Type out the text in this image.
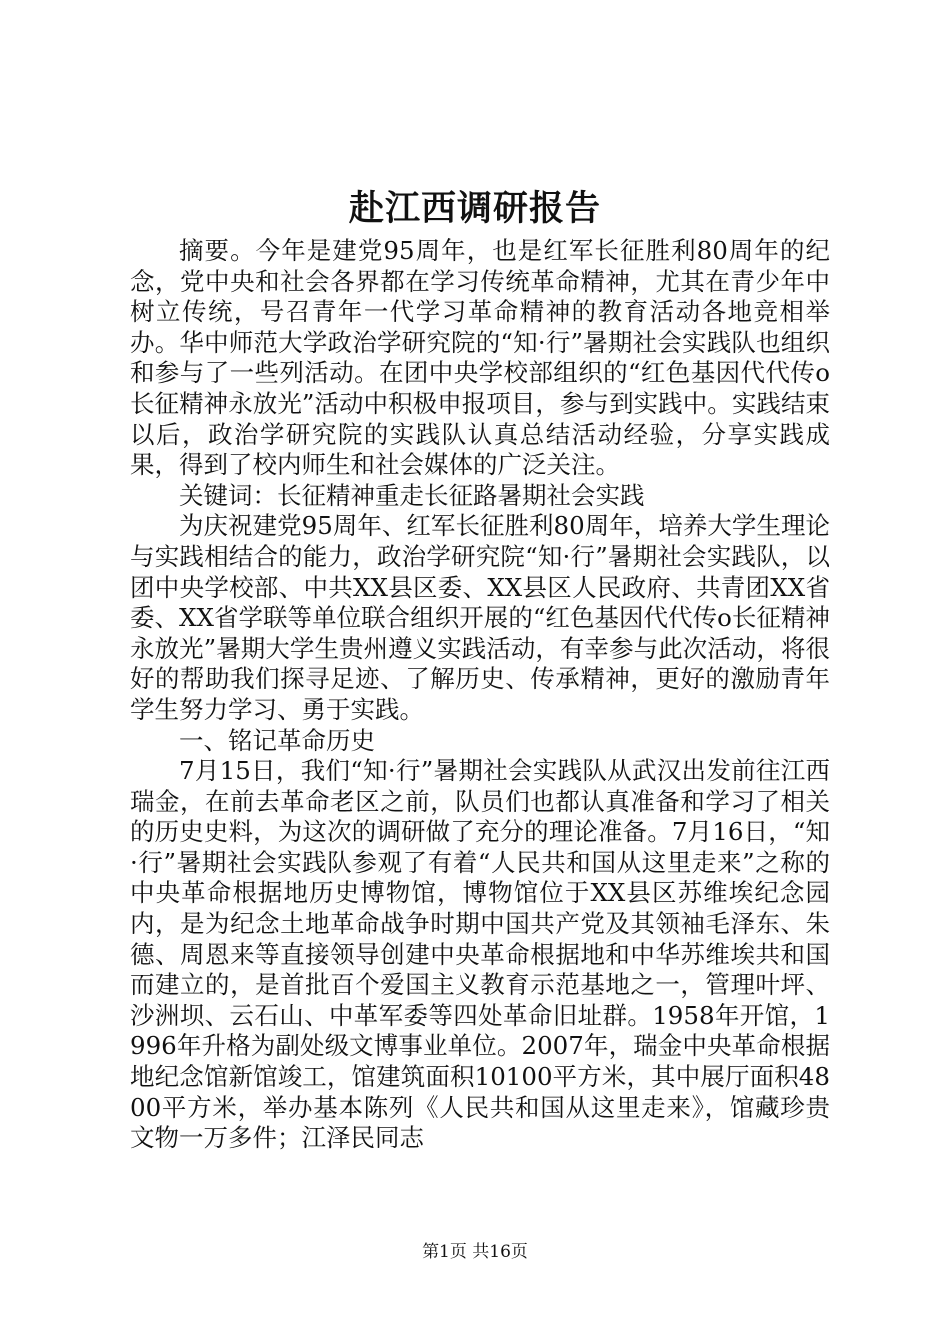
赴江西调研报告

摘要。今年是建党95周年，也是红军长征胜利80周年的纪念，党中央和社会各界都在学习传统革命精神，尤其在青少年中树立传统，号召青年一代学习革命精神的教育活动各地竞相举办。华中师范大学政治学研究院的“知·行”暑期社会实践队也组织和参与了一些列活动。在团中央学校部组织的“红色基因代代传o长征精神永放光”活动中积极申报项目，参与到实践中。实践结束以后，政治学研究院的实践队认真总结活动经验，分享实践成果，得到了校内师生和社会媒体的广泛关注。

关键词：长征精神重走长征路暑期社会实践

为庆祝建党95周年、红军长征胜利80周年，培养大学生理论与实践相结合的能力，政治学研究院“知·行”暑期社会实践队，以团中央学校部、中共XX县区委、XX县区人民政府、共青团XX省委、XX省学联等单位联合组织开展的“红色基因代代传o长征精神永放光”暑期大学生贵州遵义实践活动，有幸参与此次活动，将很好的帮助我们探寻足迹、了解历史、传承精神，更好的激励青年学生努力学习、勇于实践。

一、铭记革命历史

7月15日，我们“知·行”暑期社会实践队从武汉出发前往江西瑞金，在前去革命老区之前，队员们也都认真准备和学习了相关的历史史料，为这次的调研做了充分的理论准备。7月16日，“知·行”暑期社会实践队参观了有着“人民共和国从这里走来”之称的中央革命根据地历史博物馆，博物馆位于XX县区苏维埃纪念园内，是为纪念土地革命战争时期中国共产党及其领袖毛泽东、朱德、周恩来等直接领导创建中央革命根据地和中华苏维埃共和国而建立的，是首批百个爱国主义教育示范基地之一，管理叶坪、沙洲坝、云石山、中革军委等四处革命旧址群。1958年开馆，1996年升格为副处级文博事业单位。2007年，瑞金中央革命根据地纪念馆新馆竣工，馆建筑面积10100平方米，其中展厅面积4800平方米，举办基本陈列《人民共和国从这里走来》，馆藏珍贵文物一万多件；江泽民同志

第1页 共16页
